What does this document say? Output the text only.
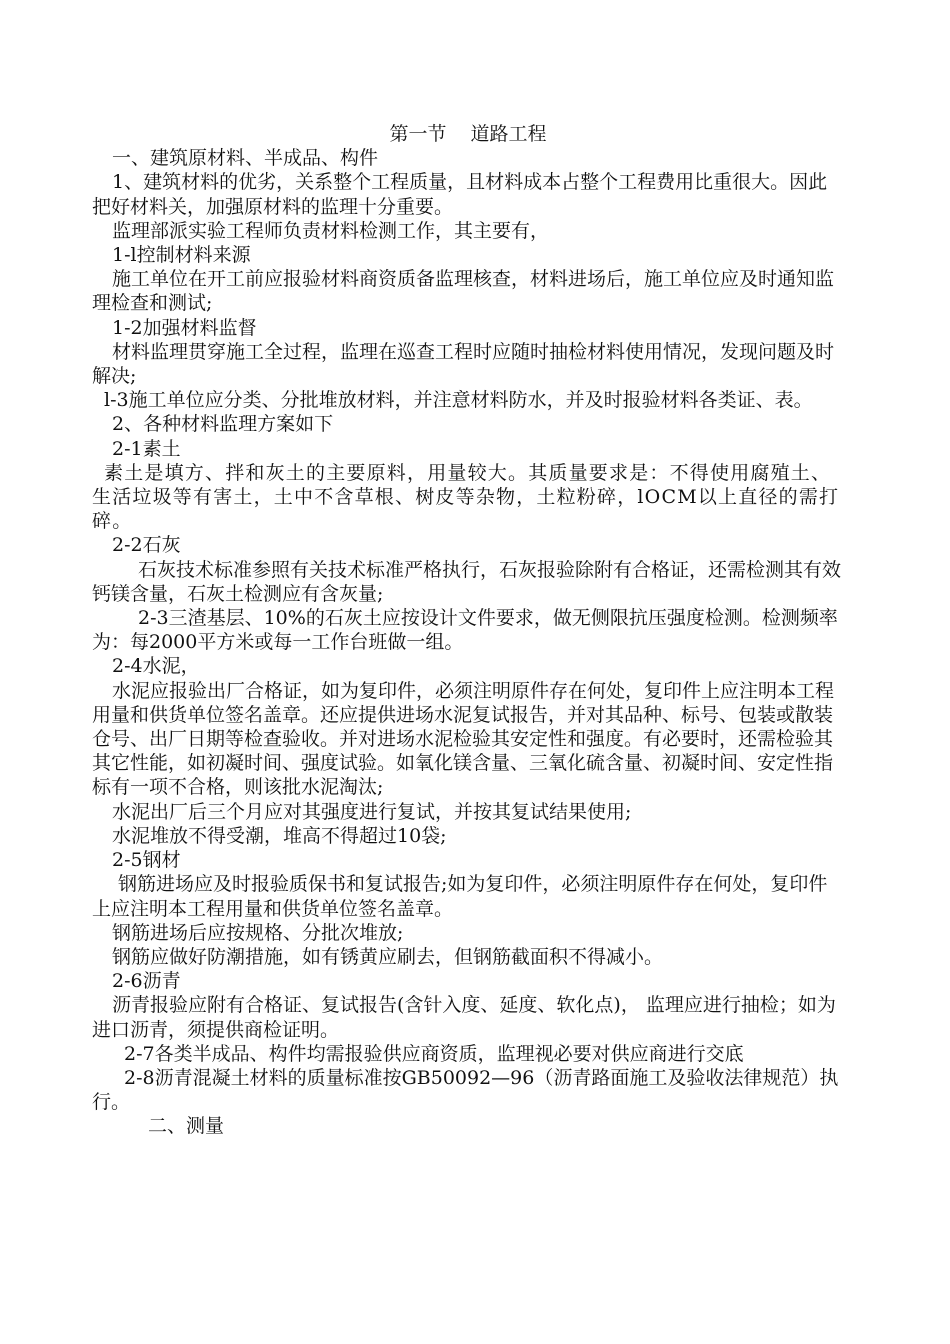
第一节 道路工程

一、建筑原材料、半成品、构件

1、建筑材料的优劣，关系整个工程质量，且材料成本占整个工程费用比重很大。因此把好材料关，加强原材料的监理十分重要。

监理部派实验工程师负责材料检测工作，其主要有，

1-l控制材料来源

施工单位在开工前应报验材料商资质备监理核查，材料进场后，施工单位应及时通知监理检查和测试;

1-2加强材料监督

材料监理贯穿施工全过程，监理在巡查工程时应随时抽检材料使用情况，发现问题及时解决;

l-3施工单位应分类、分批堆放材料，并注意材料防水，并及时报验材料各类证、表。

2、各种材料监理方案如下

2-1素土

素土是填方、拌和灰土的主要原料，用量较大。其质量要求是：不得使用腐殖土、生活垃圾等有害土，土中不含草根、树皮等杂物，土粒粉碎，lOCM以上直径的需打碎。

2-2石灰

石灰技术标准参照有关技术标准严格执行，石灰报验除附有合格证，还需检测其有效钙镁含量，石灰土检测应有含灰量;

2-3三渣基层、10%的石灰土应按设计文件要求，做无侧限抗压强度检测。检测频率为：每2000平方米或每一工作台班做一组。

2-4水泥，

水泥应报验出厂合格证，如为复印件，必须注明原件存在何处，复印件上应注明本工程用量和供货单位签名盖章。还应提供进场水泥复试报告，并对其品种、标号、包装或散装仓号、出厂日期等检查验收。并对进场水泥检验其安定性和强度。有必要时，还需检验其其它性能，如初凝时间、强度试验。如氧化镁含量、三氧化硫含量、初凝时间、安定性指标有一项不合格，则该批水泥淘汰;

水泥出厂后三个月应对其强度进行复试，并按其复试结果使用;

水泥堆放不得受潮，堆高不得超过10袋;

2-5钢材

钢筋进场应及时报验质保书和复试报告;如为复印件，必须注明原件存在何处，复印件上应注明本工程用量和供货单位签名盖章。

钢筋进场后应按规格、分批次堆放;

钢筋应做好防潮措施，如有锈黄应刷去，但钢筋截面积不得减小。

2-6沥青

沥青报验应附有合格证、复试报告(含针入度、延度、软化点)， 监理应进行抽检；如为进口沥青，须提供商检证明。

2-7各类半成品、构件均需报验供应商资质，监理视必要对供应商进行交底

2-8沥青混凝土材料的质量标准按GB50092—96（沥青路面施工及验收法律规范）执行。

二、测量
